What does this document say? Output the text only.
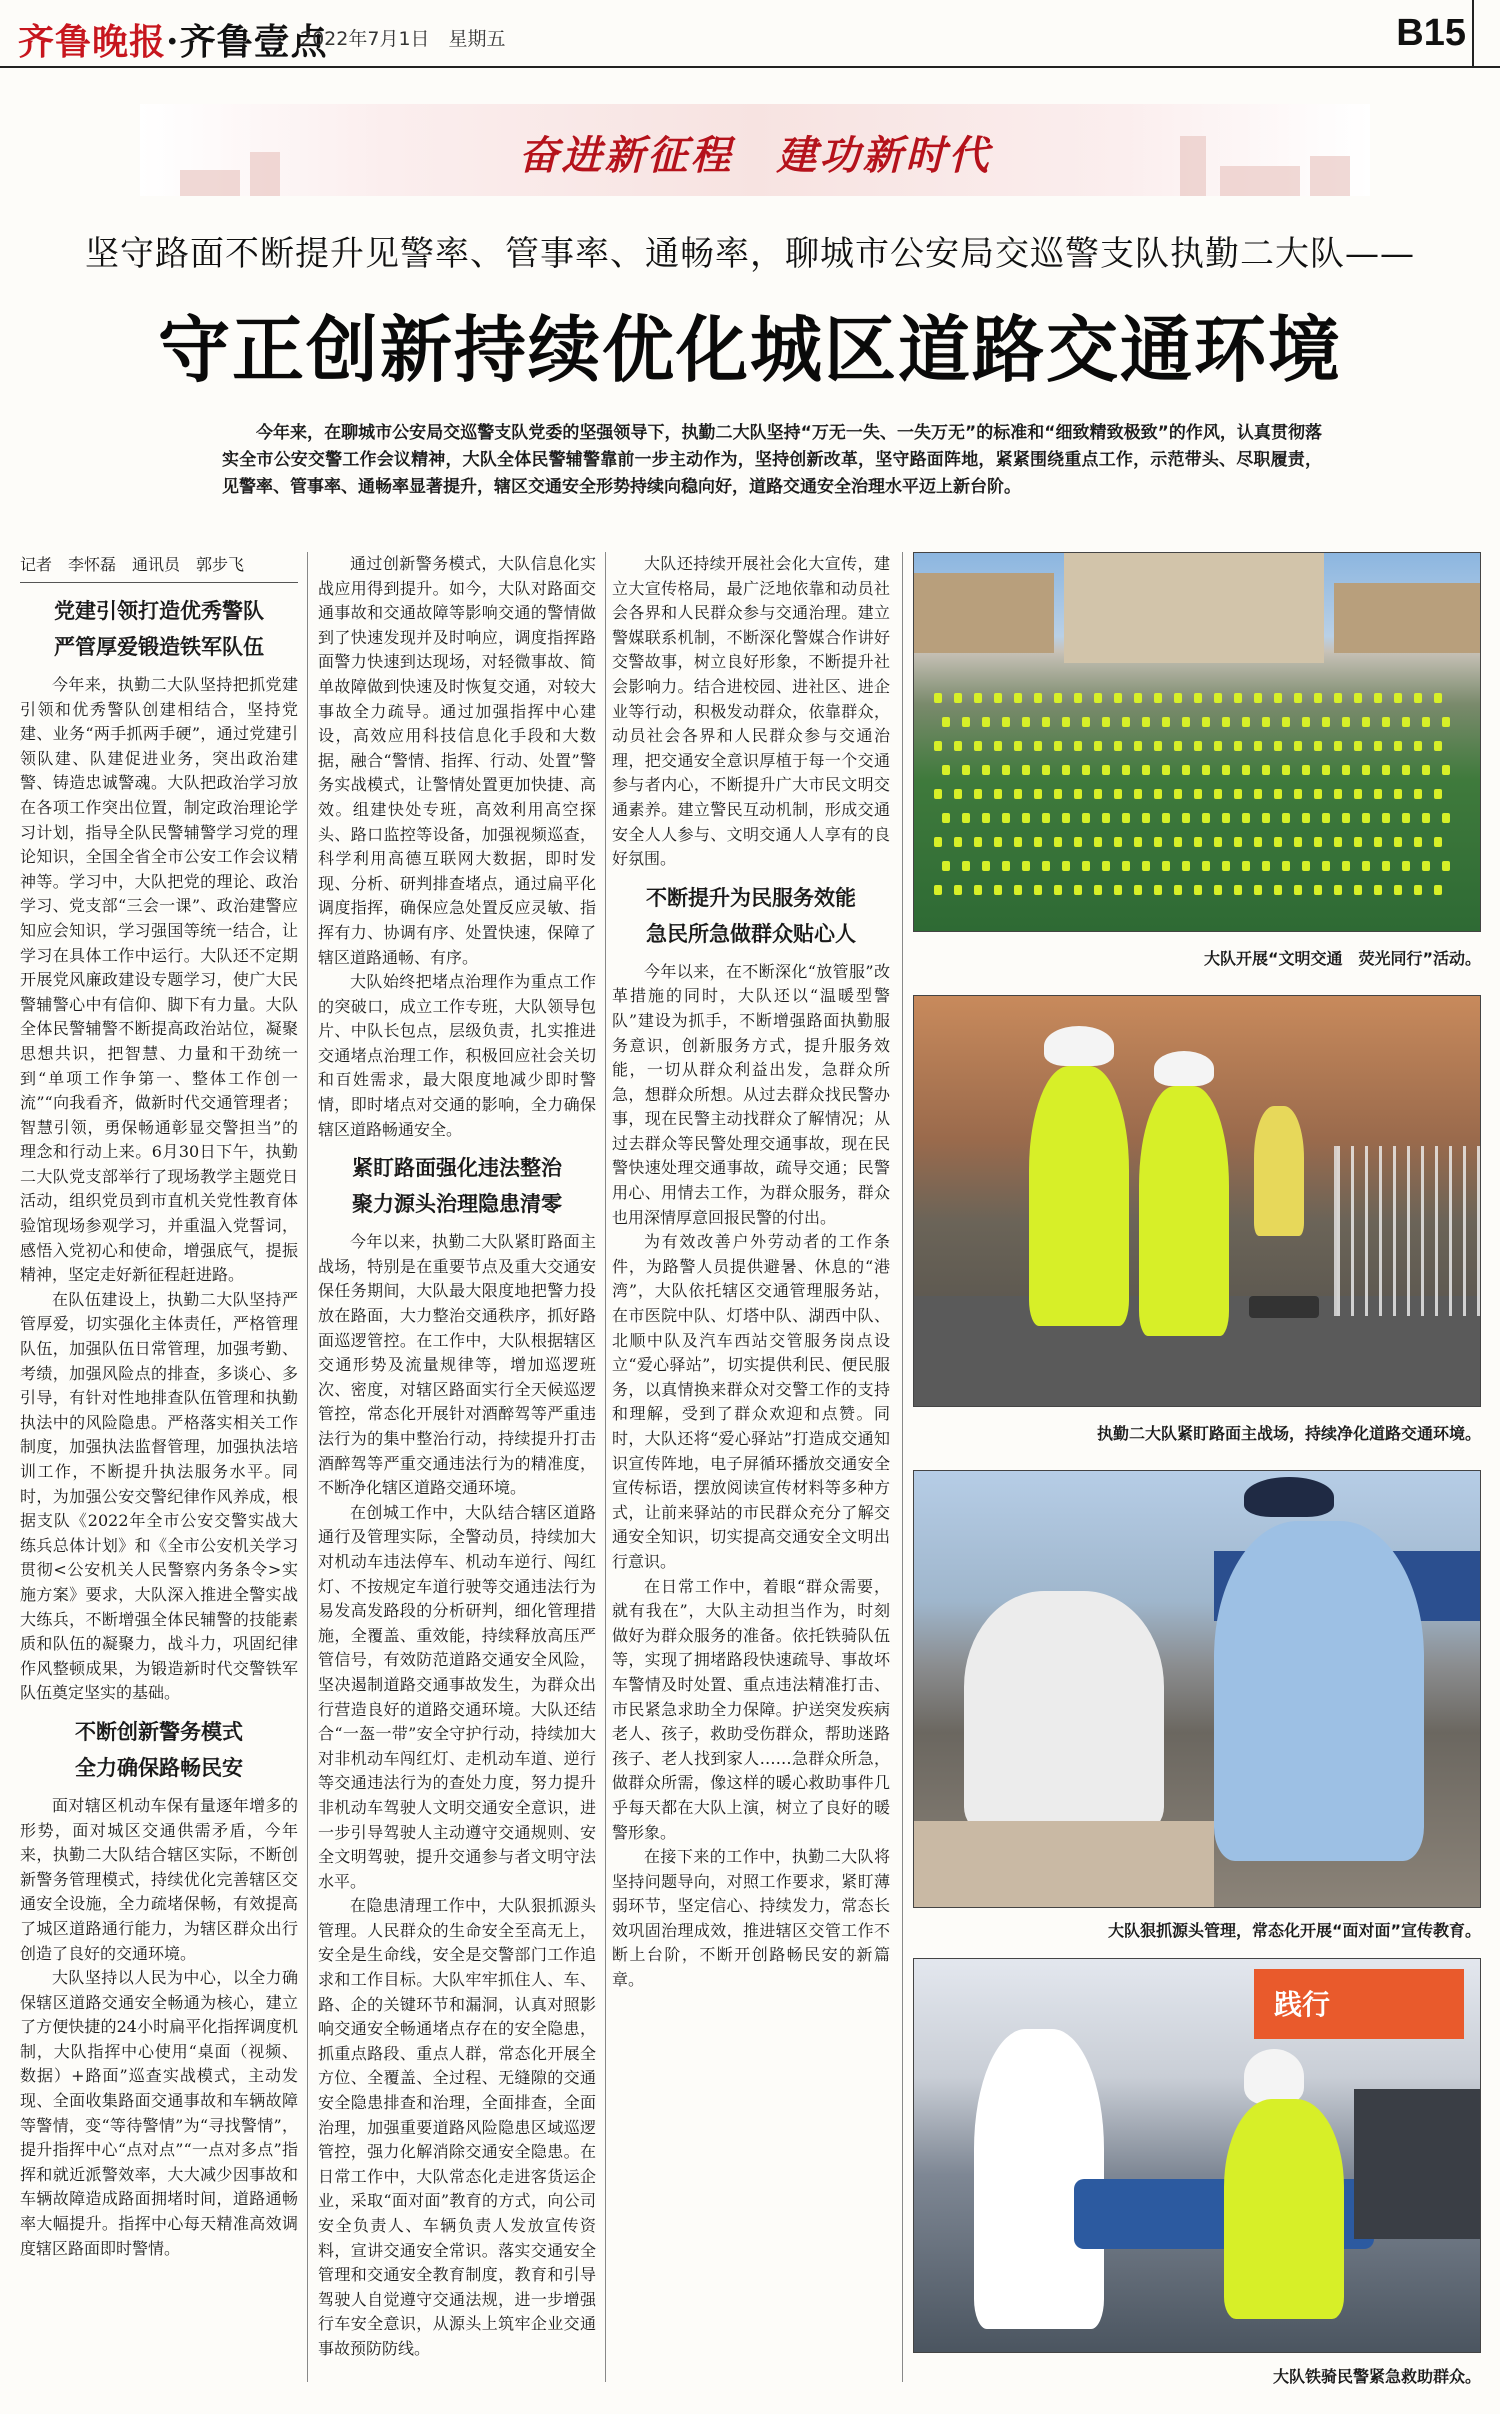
齐鲁晚报·齐鲁壹点
2022年7月1日　星期五	B15
奋进新征程　建功新时代
坚守路面不断提升见警率、管事率、通畅率，聊城市公安局交巡警支队执勤二大队——
守正创新持续优化城区道路交通环境
今年来，在聊城市公安局交巡警支队党委的坚强领导下，执勤二大队坚持“万无一失、一失万无”的标准和“细致精致极致”的作风，认真贯彻落实全市公安交警工作会议精神，大队全体民警辅警靠前一步主动作为，坚持创新改革，坚守路面阵地，紧紧围绕重点工作，示范带头、尽职履责，见警率、管事率、通畅率显著提升，辖区交通安全形势持续向稳向好，道路交通安全治理水平迈上新台阶。
记者　李怀磊　通讯员　郭步飞
党建引领打造优秀警队
严管厚爱锻造铁军队伍

今年来，执勤二大队坚持把抓党建引领和优秀警队创建相结合，坚持党建、业务“两手抓两手硬”，通过党建引领队建、队建促进业务，突出政治建警、铸造忠诚警魂。大队把政治学习放在各项工作突出位置，制定政治理论学习计划，指导全队民警辅警学习党的理论知识，全国全省全市公安工作会议精神等。学习中，大队把党的理论、政治学习、党支部“三会一课”、政治建警应知应会知识，学习强国等统一结合，让学习在具体工作中运行。大队还不定期开展党风廉政建设专题学习，使广大民警辅警心中有信仰、脚下有力量。大队全体民警辅警不断提高政治站位，凝聚思想共识，把智慧、力量和干劲统一到“单项工作争第一、整体工作创一流”“向我看齐，做新时代交通管理者；智慧引领，勇保畅通彰显交警担当”的理念和行动上来。6月30日下午，执勤二大队党支部举行了现场教学主题党日活动，组织党员到市直机关党性教育体验馆现场参观学习，并重温入党誓词，感悟入党初心和使命，增强底气，提振精神，坚定走好新征程赶进路。

在队伍建设上，执勤二大队坚持严管厚爱，切实强化主体责任，严格管理队伍，加强队伍日常管理，加强考勤、考绩，加强风险点的排查，多谈心、多引导，有针对性地排查队伍管理和执勤执法中的风险隐患。严格落实相关工作制度，加强执法监督管理，加强执法培训工作，不断提升执法服务水平。同时，为加强公安交警纪律作风养成，根据支队《2022年全市公安交警实战大练兵总体计划》和《全市公安机关学习贯彻<公安机关人民警察内务条令>实施方案》要求，大队深入推进全警实战大练兵，不断增强全体民辅警的技能素质和队伍的凝聚力，战斗力，巩固纪律作风整顿成果，为锻造新时代交警铁军队伍奠定坚实的基础。

不断创新警务模式
全力确保路畅民安

面对辖区机动车保有量逐年增多的形势，面对城区交通供需矛盾，今年来，执勤二大队结合辖区实际，不断创新警务管理模式，持续优化完善辖区交通安全设施，全力疏堵保畅，有效提高了城区道路通行能力，为辖区群众出行创造了良好的交通环境。

大队坚持以人民为中心，以全力确保辖区道路交通安全畅通为核心，建立了方便快捷的24小时扁平化指挥调度机制，大队指挥中心使用“桌面（视频、数据）+路面”巡查实战模式，主动发现、全面收集路面交通事故和车辆故障等警情，变“等待警情”为“寻找警情”，提升指挥中心“点对点”“一点对多点”指挥和就近派警效率，大大减少因事故和车辆故障造成路面拥堵时间，道路通畅率大幅提升。指挥中心每天精准高效调度辖区路面即时警情。

通过创新警务模式，大队信息化实战应用得到提升。如今，大队对路面交通事故和交通故障等影响交通的警情做到了快速发现并及时响应，调度指挥路面警力快速到达现场，对轻微事故、简单故障做到快速及时恢复交通，对较大事故全力疏导。通过加强指挥中心建设，高效应用科技信息化手段和大数据，融合“警情、指挥、行动、处置”警务实战模式，让警情处置更加快捷、高效。组建快处专班，高效利用高空探头、路口监控等设备，加强视频巡查，科学利用高德互联网大数据，即时发现、分析、研判排查堵点，通过扁平化调度指挥，确保应急处置反应灵敏、指挥有力、协调有序、处置快速，保障了辖区道路通畅、有序。

大队始终把堵点治理作为重点工作的突破口，成立工作专班，大队领导包片、中队长包点，层级负责，扎实推进交通堵点治理工作，积极回应社会关切和百姓需求，最大限度地减少即时警情，即时堵点对交通的影响，全力确保辖区道路畅通安全。

紧盯路面强化违法整治
聚力源头治理隐患清零

今年以来，执勤二大队紧盯路面主战场，特别是在重要节点及重大交通安保任务期间，大队最大限度地把警力投放在路面，大力整治交通秩序，抓好路面巡逻管控。在工作中，大队根据辖区交通形势及流量规律等，增加巡逻班次、密度，对辖区路面实行全天候巡逻管控，常态化开展针对酒醉驾等严重违法行为的集中整治行动，持续提升打击酒醉驾等严重交通违法行为的精准度，不断净化辖区道路交通环境。

在创城工作中，大队结合辖区道路通行及管理实际，全警动员，持续加大对机动车违法停车、机动车逆行、闯红灯、不按规定车道行驶等交通违法行为易发高发路段的分析研判，细化管理措施，全覆盖、重效能，持续释放高压严管信号，有效防范道路交通安全风险，坚决遏制道路交通事故发生，为群众出行营造良好的道路交通环境。大队还结合“一盔一带”安全守护行动，持续加大对非机动车闯红灯、走机动车道、逆行等交通违法行为的查处力度，努力提升非机动车驾驶人文明交通安全意识，进一步引导驾驶人主动遵守交通规则、安全文明驾驶，提升交通参与者文明守法水平。

在隐患清理工作中，大队狠抓源头管理。人民群众的生命安全至高无上，安全是生命线，安全是交警部门工作追求和工作目标。大队牢牢抓住人、车、路、企的关键环节和漏洞，认真对照影响交通安全畅通堵点存在的安全隐患，抓重点路段、重点人群，常态化开展全方位、全覆盖、全过程、无缝隙的交通安全隐患排查和治理，全面排查，全面治理，加强重要道路风险隐患区域巡逻管控，强力化解消除交通安全隐患。在日常工作中，大队常态化走进客货运企业，采取“面对面”教育的方式，向公司安全负责人、车辆负责人发放宣传资料，宣讲交通安全常识。落实交通安全管理和交通安全教育制度，教育和引导驾驶人自觉遵守交通法规，进一步增强行车安全意识，从源头上筑牢企业交通事故预防防线。

大队还持续开展社会化大宣传，建立大宣传格局，最广泛地依靠和动员社会各界和人民群众参与交通治理。建立警媒联系机制，不断深化警媒合作讲好交警故事，树立良好形象，不断提升社会影响力。结合进校园、进社区、进企业等行动，积极发动群众，依靠群众，动员社会各界和人民群众参与交通治理，把交通安全意识厚植于每一个交通参与者内心，不断提升广大市民文明交通素养。建立警民互动机制，形成交通安全人人参与、文明交通人人享有的良好氛围。

不断提升为民服务效能
急民所急做群众贴心人

今年以来，在不断深化“放管服”改革措施的同时，大队还以“温暖型警队”建设为抓手，不断增强路面执勤服务意识，创新服务方式，提升服务效能，一切从群众利益出发，急群众所急，想群众所想。从过去群众找民警办事，现在民警主动找群众了解情况；从过去群众等民警处理交通事故，现在民警快速处理交通事故，疏导交通；民警用心、用情去工作，为群众服务，群众也用深情厚意回报民警的付出。

为有效改善户外劳动者的工作条件，为路警人员提供避暑、休息的“港湾”，大队依托辖区交通管理服务站，在市医院中队、灯塔中队、湖西中队、北顺中队及汽车西站交管服务岗点设立“爱心驿站”，切实提供利民、便民服务，以真情换来群众对交警工作的支持和理解，受到了群众欢迎和点赞。同时，大队还将“爱心驿站”打造成交通知识宣传阵地，电子屏循环播放交通安全宣传标语，摆放阅读宣传材料等多种方式，让前来驿站的市民群众充分了解交通安全知识，切实提高交通安全文明出行意识。

在日常工作中，着眼“群众需要，就有我在”，大队主动担当作为，时刻做好为群众服务的准备。依托铁骑队伍等，实现了拥堵路段快速疏导、事故坏车警情及时处置、重点违法精准打击、市民紧急求助全力保障。护送突发疾病老人、孩子，救助受伤群众，帮助迷路孩子、老人找到家人……急群众所急，做群众所需，像这样的暖心救助事件几乎每天都在大队上演，树立了良好的暖警形象。

在接下来的工作中，执勤二大队将坚持问题导向，对照工作要求，紧盯薄弱环节，坚定信心、持续发力，常态长效巩固治理成效，推进辖区交管工作不断上台阶，不断开创路畅民安的新篇章。

大队开展“文明交通　荧光同行”活动。
执勤二大队紧盯路面主战场，持续净化道路交通环境。
大队狠抓源头管理，常态化开展“面对面”宣传教育。
践行
大队铁骑民警紧急救助群众。
